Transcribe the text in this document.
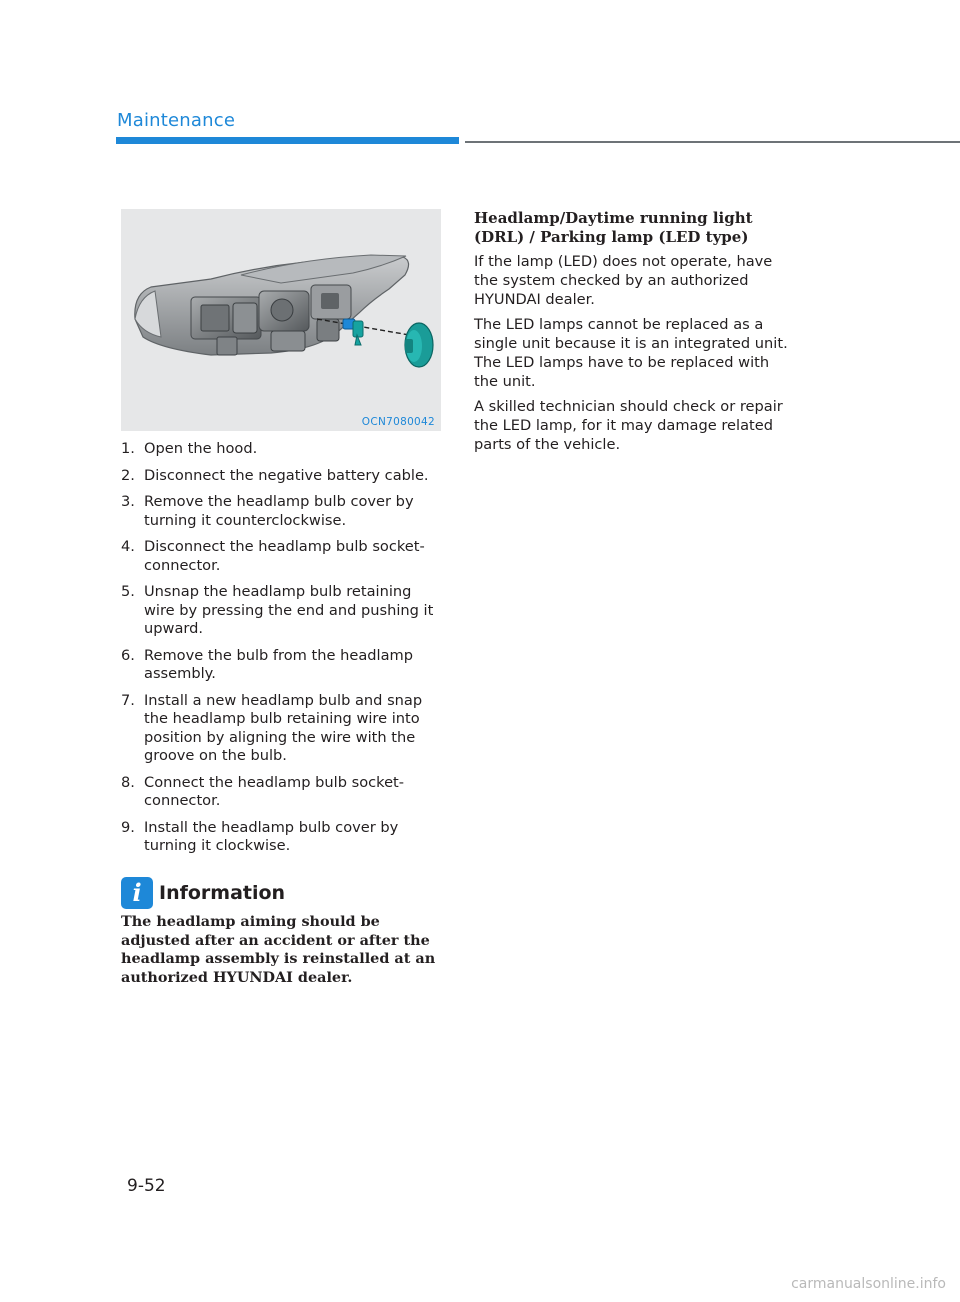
Maintenance
OCN7080042
1. Open the hood.
2. Disconnect the negative battery cable.
3. Remove the headlamp bulb cover by turning it counterclockwise.
4. Disconnect the headlamp bulb socket-connector.
5. Unsnap the headlamp bulb retaining wire by pressing the end and pushing it upward.
6. Remove the bulb from the headlamp assembly.
7. Install a new headlamp bulb and snap the headlamp bulb retaining wire into position by aligning the wire with the groove on the bulb.
8. Connect the headlamp bulb socket-connector.
9. Install the headlamp bulb cover by turning it clockwise.
i Information

The headlamp aiming should be adjusted after an accident or after the headlamp assembly is reinstalled at an authorized HYUNDAI dealer.

Headlamp/Daytime running light (DRL) / Parking lamp (LED type)

If the lamp (LED) does not operate, have the system checked by an authorized HYUNDAI dealer.

The LED lamps cannot be replaced as a single unit because it is an integrated unit. The LED lamps have to be replaced with the unit.

A skilled technician should check or repair the LED lamp, for it may damage related parts of the vehicle.

9-52
carmanualsonline.info
